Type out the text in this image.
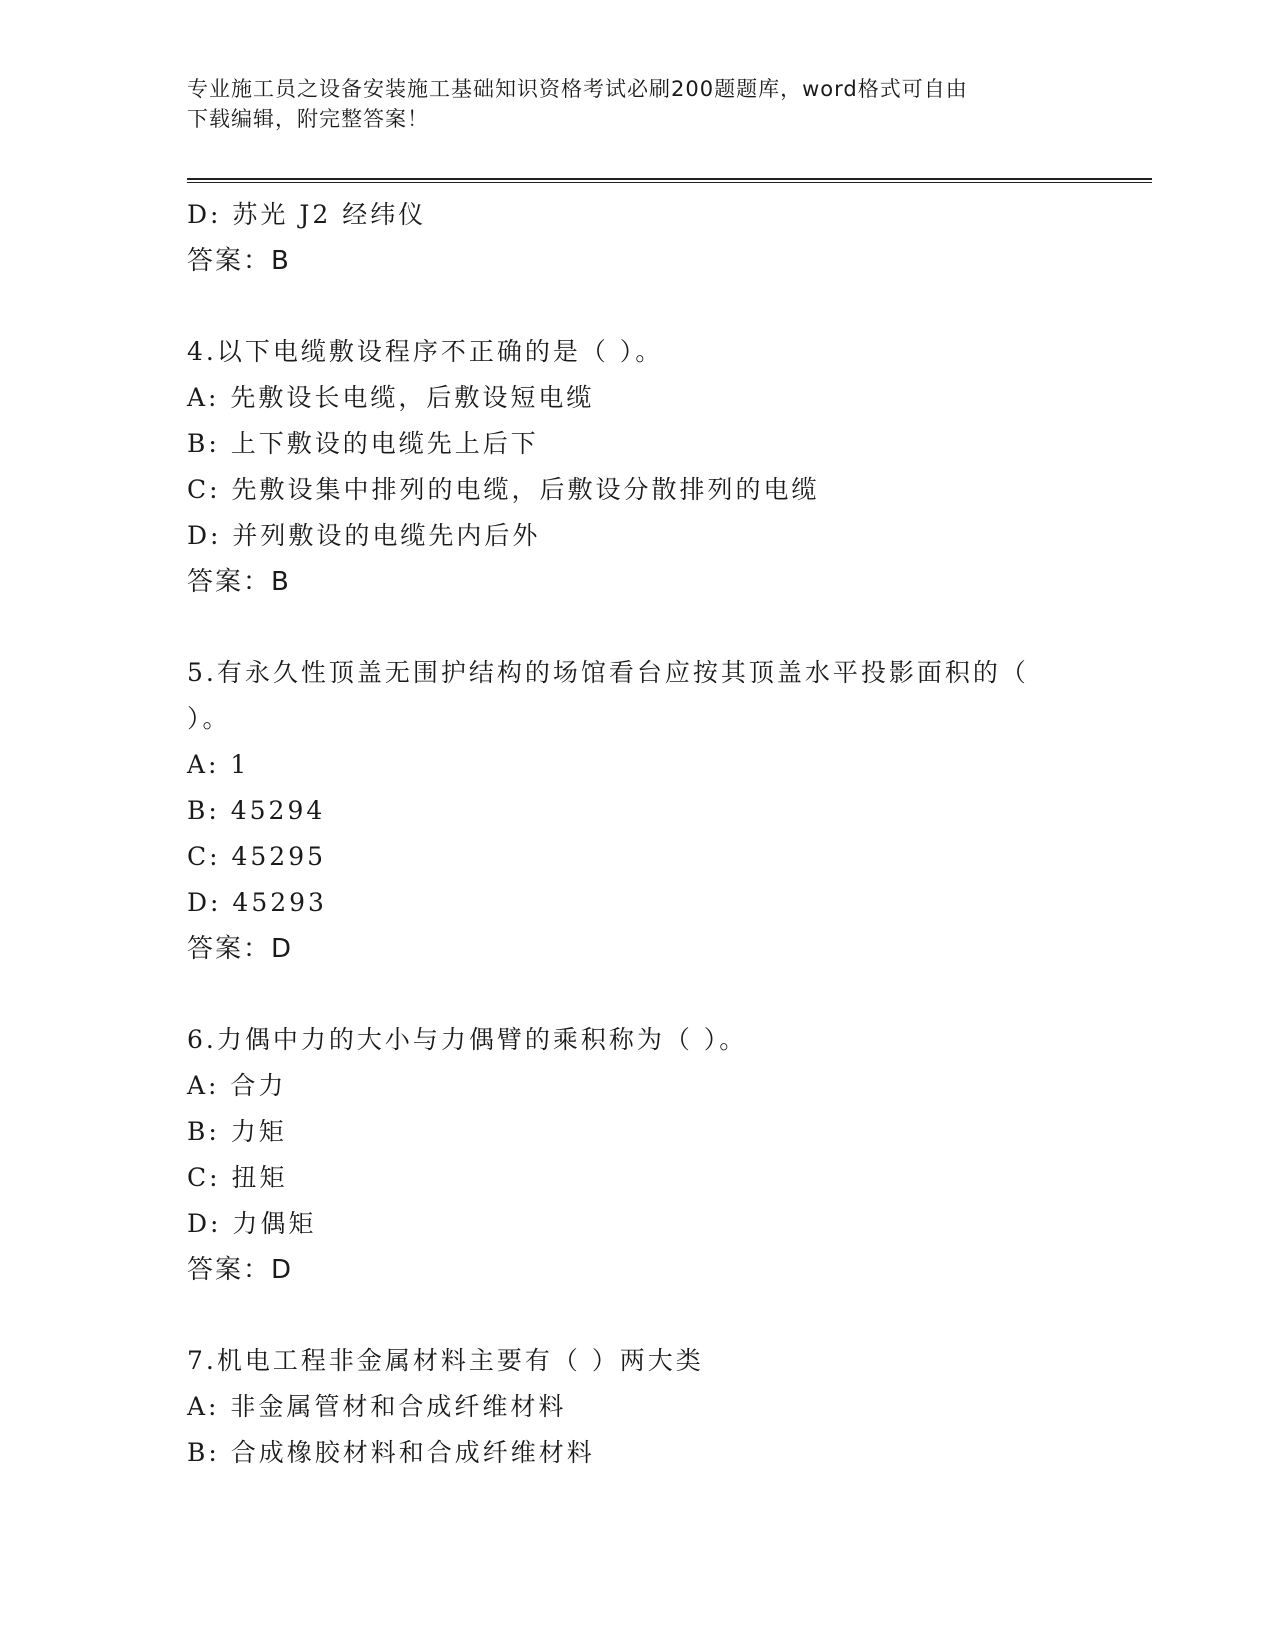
专业施工员之设备安装施工基础知识资格考试必刷200题题库，word格式可自由
下载编辑，附完整答案！
D: 苏光 J2 经纬仪
答案：B
4.以下电缆敷设程序不正确的是（ ）。
A: 先敷设长电缆，后敷设短电缆
B: 上下敷设的电缆先上后下
C: 先敷设集中排列的电缆，后敷设分散排列的电缆
D: 并列敷设的电缆先内后外
答案：B
5.有永久性顶盖无围护结构的场馆看台应按其顶盖水平投影面积的（
）。
A: 1
B: 45294
C: 45295
D: 45293
答案：D
6.力偶中力的大小与力偶臂的乘积称为（ ）。
A: 合力
B: 力矩
C: 扭矩
D: 力偶矩
答案：D
7.机电工程非金属材料主要有（ ）两大类
A: 非金属管材和合成纤维材料
B: 合成橡胶材料和合成纤维材料
